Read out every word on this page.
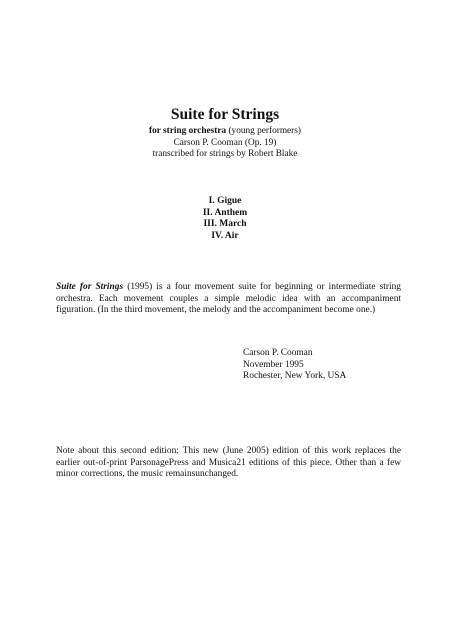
Suite for Strings
for string orchestra (young performers)
Carson P. Cooman (Op. 19)
transcribed for strings by Robert Blake
I. Gigue
II. Anthem
III. March
IV. Air
Suite for Strings (1995) is a four movement suite for beginning or intermediate string orchestra. Each movement couples a simple melodic idea with an accompaniment figuration. (In the third movement, the melody and the accompaniment become one.)
Carson P. Cooman
November 1995
Rochester, New York, USA
Note about this second edition: This new (June 2005) edition of this work replaces the earlier out-of-print ParsonagePress and Musica21 editions of this piece. Other than a few minor corrections, the music remainsunchanged.
